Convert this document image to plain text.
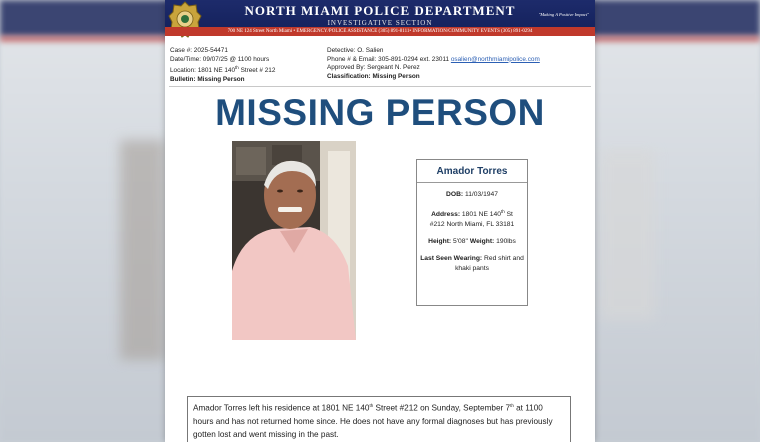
NORTH MIAMI POLICE DEPARTMENT
INVESTIGATIVE SECTION
"Making A Positive Impact"
700 NE 124 Street North Miami • EMERGENCY/POLICE ASSISTANCE (305) 891-8111• INFORMATION/COMMUNITY EVENTS (305) 891-0294
Case #: 2025-54471
Date/Time: 09/07/25 @ 1100 hours
Location: 1801 NE 140th Street # 212
Bulletin: Missing Person
Detective: O. Salien
Phone # & Email: 305-891-0294 ext. 23011 osalien@northmiamipolice.com
Approved By: Sergeant N. Perez
Classification: Missing Person
MISSING PERSON
Amador Torres

DOB: 11/03/1947

Address: 1801 NE 140th St
#212 North Miami, FL 33181

Height: 5'08'' Weight: 190lbs

Last Seen Wearing: Red shirt and khaki pants

Amador Torres left his residence at 1801 NE 140th Street #212 on Sunday, September 7th at 1100 hours and has not returned home since. He does not have any formal diagnoses but has previously gotten lost and went missing in the past.
